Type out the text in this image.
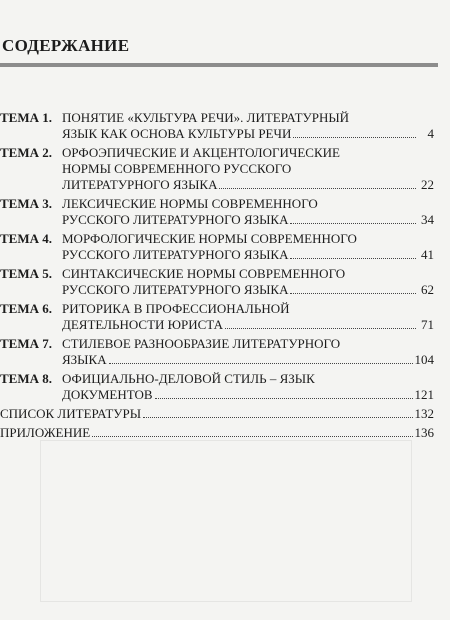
СОДЕРЖАНИЕ
ТЕМА 1. ПОНЯТИЕ «КУЛЬТУРА РЕЧИ». ЛИТЕРАТУРНЫЙ
ЯЗЫК КАК ОСНОВА КУЛЬТУРЫ РЕЧИ	4
ТЕМА 2. ОРФОЭПИЧЕСКИЕ И АКЦЕНТОЛОГИЧЕСКИЕ
НОРМЫ СОВРЕМЕННОГО РУССКОГО
ЛИТЕРАТУРНОГО ЯЗЫКА	22
ТЕМА 3. ЛЕКСИЧЕСКИЕ НОРМЫ СОВРЕМЕННОГО
РУССКОГО ЛИТЕРАТУРНОГО ЯЗЫКА	34
ТЕМА 4. МОРФОЛОГИЧЕСКИЕ НОРМЫ СОВРЕМЕННОГО
РУССКОГО ЛИТЕРАТУРНОГО ЯЗЫКА	41
ТЕМА 5. СИНТАКСИЧЕСКИЕ НОРМЫ СОВРЕМЕННОГО
РУССКОГО ЛИТЕРАТУРНОГО ЯЗЫКА	62
ТЕМА 6. РИТОРИКА В ПРОФЕССИОНАЛЬНОЙ
ДЕЯТЕЛЬНОСТИ ЮРИСТА	71
ТЕМА 7. СТИЛЕВОЕ РАЗНООБРАЗИЕ ЛИТЕРАТУРНОГО
ЯЗЫКА	104
ТЕМА 8. ОФИЦИАЛЬНО-ДЕЛОВОЙ СТИЛЬ – ЯЗЫК
ДОКУМЕНТОВ	121
СПИСОК ЛИТЕРАТУРЫ	132
ПРИЛОЖЕНИЕ	136
